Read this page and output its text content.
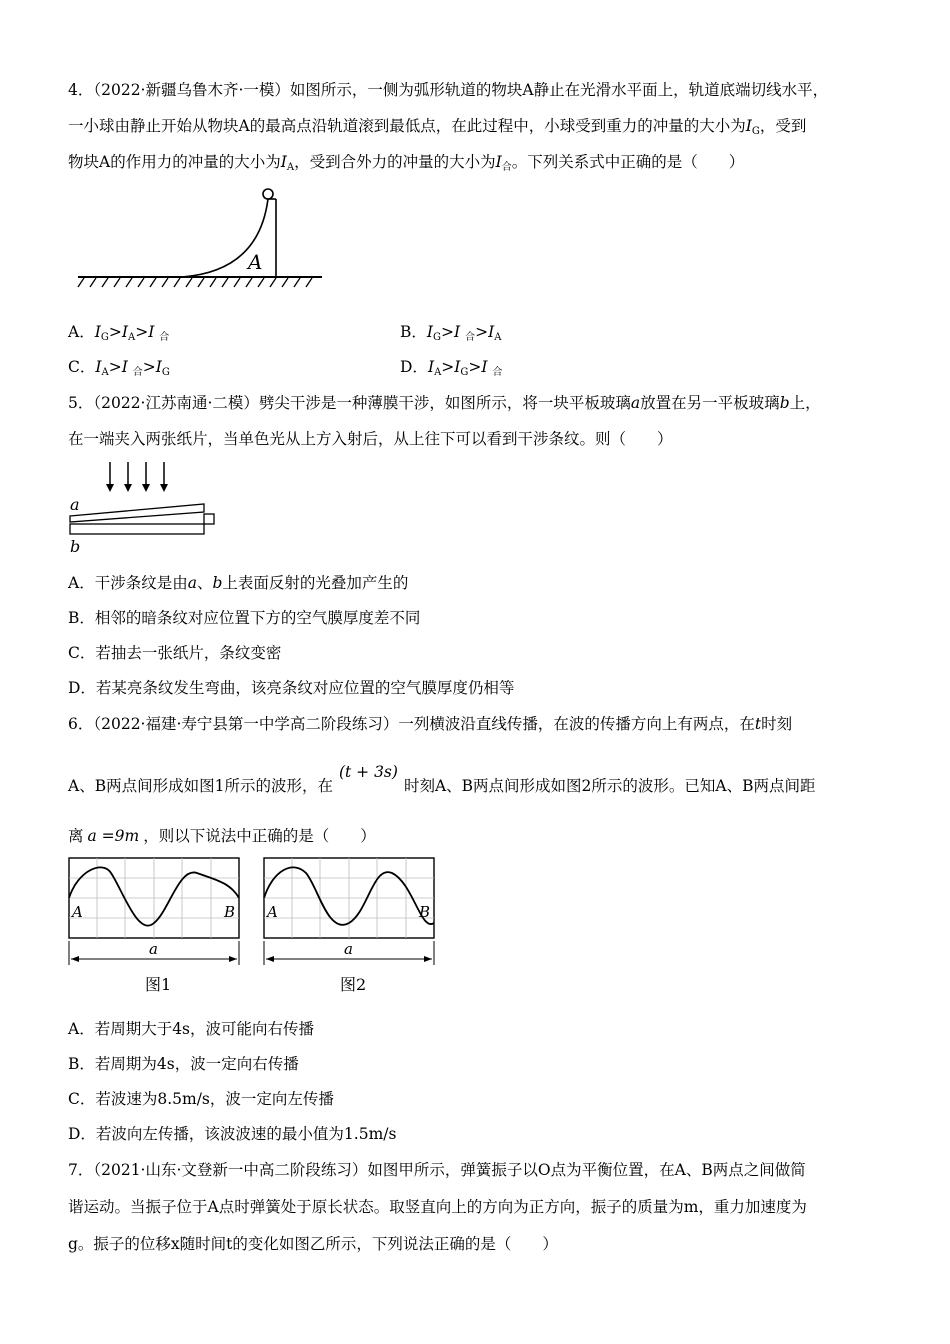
4．（2022·新疆乌鲁木齐·一模）如图所示，一侧为弧形轨道的物块A静止在光滑水平面上，轨道底端切线水平，
一小球由静止开始从物块A的最高点沿轨道滚到最低点，在此过程中，小球受到重力的冲量的大小为$I_G$，受到
物块A的作用力的冲量的大小为$I_A$，受到合外力的冲量的大小为$I_合$。下列关系式中正确的是（　　）
A
A．$I_G>I_A>I$ $_合$	B．$I_G>I$ $_合>I_A$
C．$I_A>I$ $_合>I_G$	D．$I_A>I_G>I$ $_合$
5．（2022·江苏南通·二模）劈尖干涉是一种薄膜干涉，如图所示，将一块平板玻璃a放置在另一平板玻璃b上，
在一端夹入两张纸片，当单色光从上方入射后，从上往下可以看到干涉条纹。则（　　）
a
b
A．干涉条纹是由a、b上表面反射的光叠加产生的
B．相邻的暗条纹对应位置下方的空气膜厚度差不同
C．若抽去一张纸片，条纹变密
D．若某亮条纹发生弯曲，该亮条纹对应位置的空气膜厚度仍相等
6．（2022·福建·寿宁县第一中学高二阶段练习）一列横波沿直线传播，在波的传播方向上有两点，在t时刻
A、B两点间形成如图1所示的波形，在(t + 3s)时刻A、B两点间形成如图2所示的波形。已知A、B两点间距
离 a =9m ，则以下说法中正确的是（　　）
A	B
a
图1
A	B
a
图2
A．若周期大于4s，波可能向右传播
B．若周期为4s，波一定向右传播
C．若波速为8.5m/s，波一定向左传播
D．若波向左传播，该波波速的最小值为1.5m/s
7．（2021·山东·文登新一中高二阶段练习）如图甲所示，弹簧振子以O点为平衡位置，在A、B两点之间做简
谐运动。当振子位于A点时弹簧处于原长状态。取竖直向上的方向为正方向，振子的质量为m，重力加速度为
g。振子的位移x随时间t的变化如图乙所示，下列说法正确的是（　　）
